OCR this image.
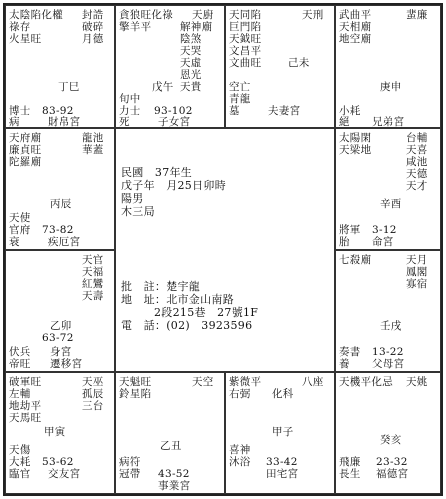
太陰陷化權
祿存
火星旺
封誥
破碎
月德
丁巳
博士 83-92
病	財帛宮
貪狼旺化祿
擎羊平
天廚
解神廟
陰煞
天哭
天虛
恩光
天貴
戊午
旬中
力士 93-102
死	子女宮
天同陷
巨門陷
天鉞旺
文昌平
文曲旺
天刑
己未
空亡
青龍
墓	夫妻宮
武曲平
天相廟
地空廟
蜚廉
庚申
小耗
絕 兄弟宮
天府廟
廉貞旺
陀羅廟
龍池
華蓋
丙辰
天使
官府 73-82
衰	疾厄宮
民國　37年生
戊子年　月25日卯時
陽男
木三局
批　註：楚宇龍
地　址：北市金山南路
2段215巷　27號1F
電　話：(02)　3923596
太陽閑
天梁地
台輔
天喜
咸池
天德
天才
辛酉
將軍 3-12
胎 命宮
天官
天福
紅鸞
天壽
乙卯
63-72
伏兵 身宮
帝旺 遷移宮
七殺廟	天月
鳳閣
寡宿
壬戌
奏書 13-22
養 父母宮
破軍旺
左輔
地劫平
天馬旺
天巫
孤辰
三台
甲寅
天傷
大耗 53-62
臨官 交友宮
天魁旺
鈴星陷
天空
乙丑
病符
冠帶 43-52
事業宮
紫微平
右弼
八座
化科
甲子
喜神
沐浴 33-42
田宅宮
天機平化忌 天姚
癸亥
飛廉
長生
23-32
福德宮
